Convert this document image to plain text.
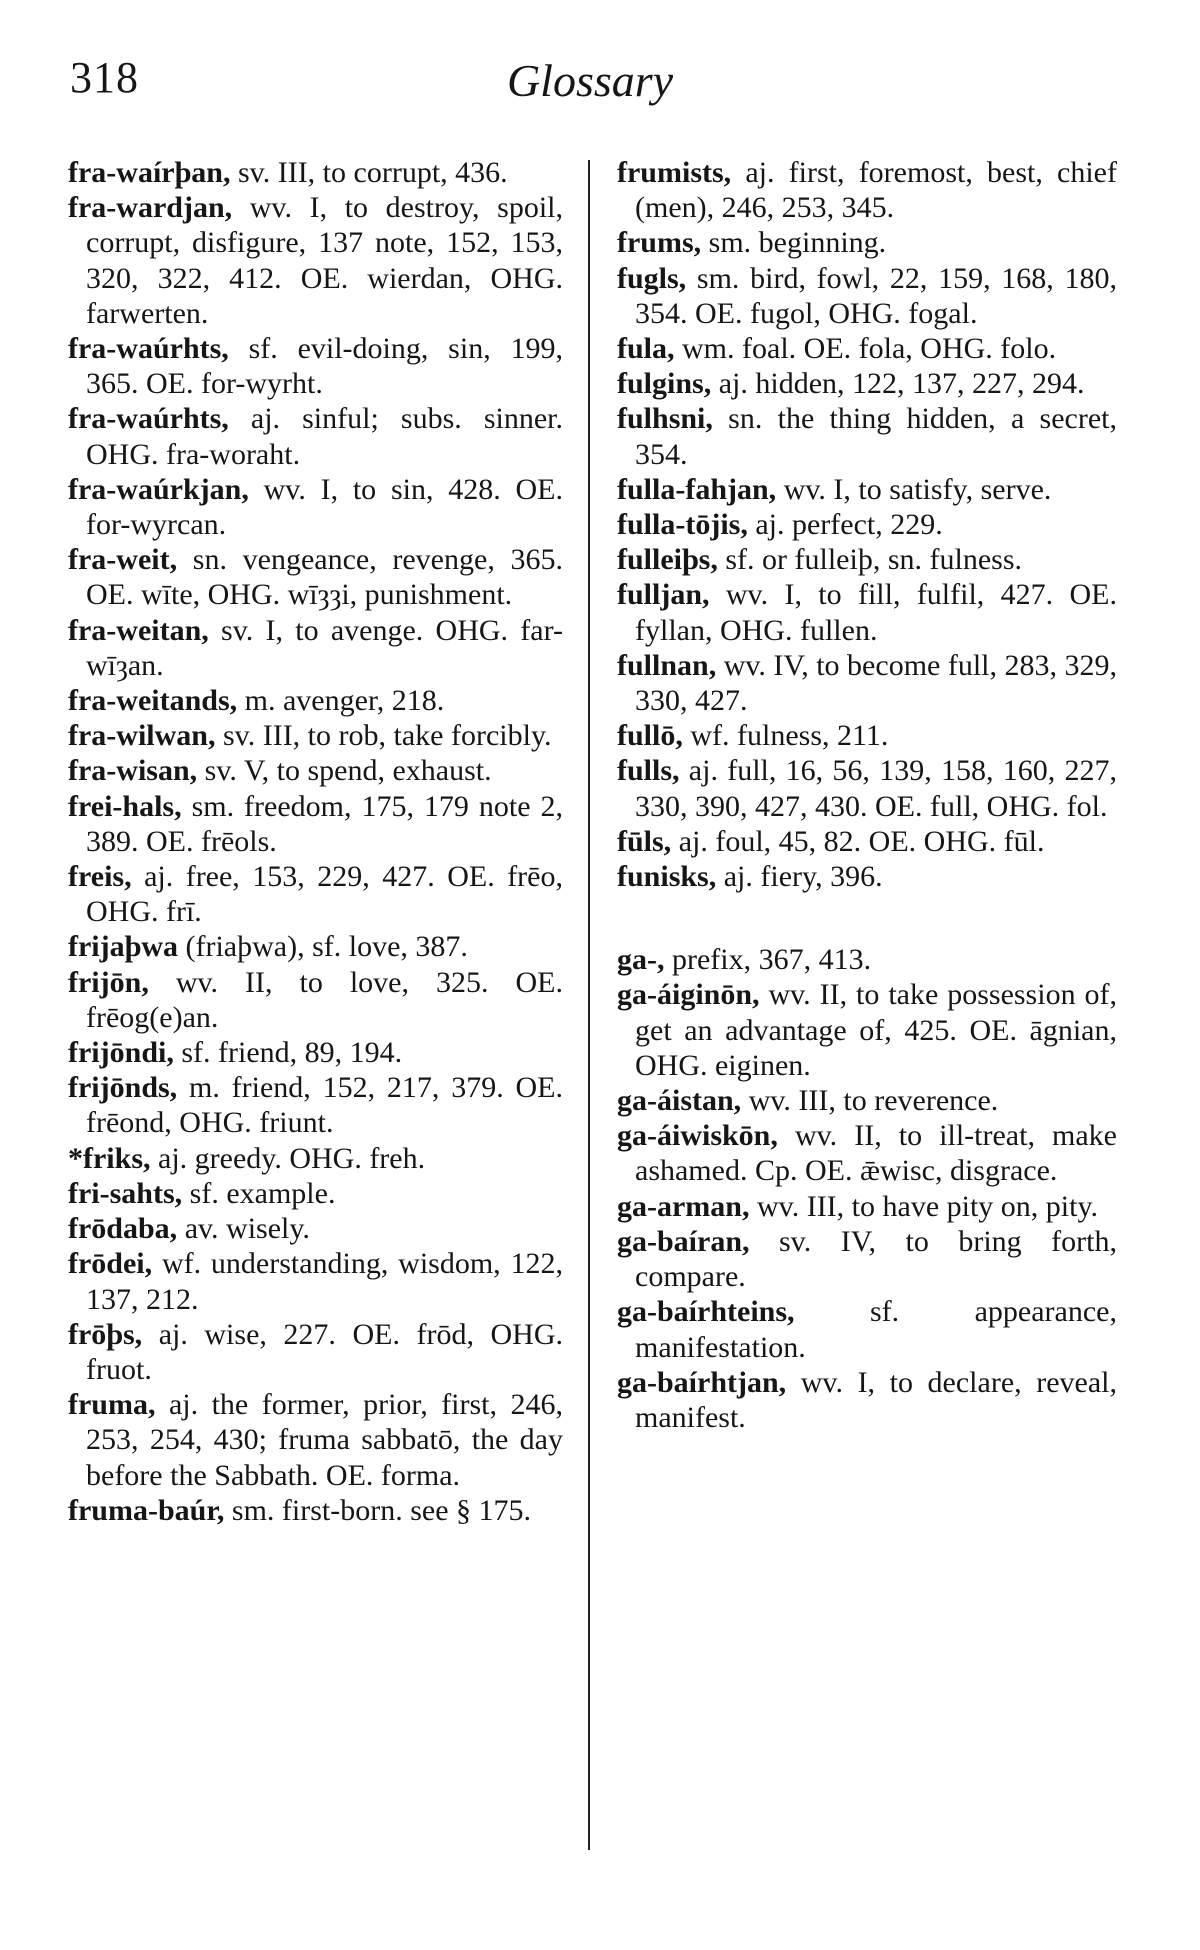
318	Glossary

fra-waírþan, sv. III, to corrupt, 436.

fra-wardjan, wv. I, to destroy, spoil, corrupt, disfigure, 137 note, 152, 153, 320, 322, 412. OE. wierdan, OHG. farwerten.

fra-waúrhts, sf. evil-doing, sin, 199, 365. OE. for-wyrht.

fra-waúrhts, aj. sinful; subs. sinner. OHG. fra-woraht.

fra-waúrkjan, wv. I, to sin, 428. OE. for-wyrcan.

fra-weit, sn. vengeance, revenge, 365. OE. wīte, OHG. wīȝȝi, punishment.

fra-weitan, sv. I, to avenge. OHG. far-wīȝan.

fra-weitands, m. avenger, 218.

fra-wilwan, sv. III, to rob, take forcibly.

fra-wisan, sv. V, to spend, exhaust.

frei-hals, sm. freedom, 175, 179 note 2, 389. OE. frēols.

freis, aj. free, 153, 229, 427. OE. frēo, OHG. frī.

frijaþwa (friaþwa), sf. love, 387.

frijōn, wv. II, to love, 325. OE. frēog(e)an.

frijōndi, sf. friend, 89, 194.

frijōnds, m. friend, 152, 217, 379. OE. frēond, OHG. friunt.

*friks, aj. greedy. OHG. freh.

fri-sahts, sf. example.

frōdaba, av. wisely.

frōdei, wf. understanding, wisdom, 122, 137, 212.

frōþs, aj. wise, 227. OE. frōd, OHG. fruot.

fruma, aj. the former, prior, first, 246, 253, 254, 430; fruma sabbatō, the day before the Sabbath. OE. forma.

fruma-baúr, sm. first-born. see § 175.

frumists, aj. first, foremost, best, chief (men), 246, 253, 345.

frums, sm. beginning.

fugls, sm. bird, fowl, 22, 159, 168, 180, 354. OE. fugol, OHG. fogal.

fula, wm. foal. OE. fola, OHG. folo.

fulgins, aj. hidden, 122, 137, 227, 294.

fulhsni, sn. the thing hidden, a secret, 354.

fulla-fahjan, wv. I, to satisfy, serve.

fulla-tōjis, aj. perfect, 229.

fulleiþs, sf. or fulleiþ, sn. fulness.

fulljan, wv. I, to fill, fulfil, 427. OE. fyllan, OHG. fullen.

fullnan, wv. IV, to become full, 283, 329, 330, 427.

fullō, wf. fulness, 211.

fulls, aj. full, 16, 56, 139, 158, 160, 227, 330, 390, 427, 430. OE. full, OHG. fol.

fūls, aj. foul, 45, 82. OE. OHG. fūl.

funisks, aj. fiery, 396.

ga-, prefix, 367, 413.

ga-áiginōn, wv. II, to take possession of, get an advantage of, 425. OE. āgnian, OHG. eiginen.

ga-áistan, wv. III, to reverence.

ga-áiwiskōn, wv. II, to ill-treat, make ashamed. Cp. OE. ǣwisc, disgrace.

ga-arman, wv. III, to have pity on, pity.

ga-baíran, sv. IV, to bring forth, compare.

ga-baírhteins, sf. appearance, manifestation.

ga-baírhtjan, wv. I, to declare, reveal, manifest.
